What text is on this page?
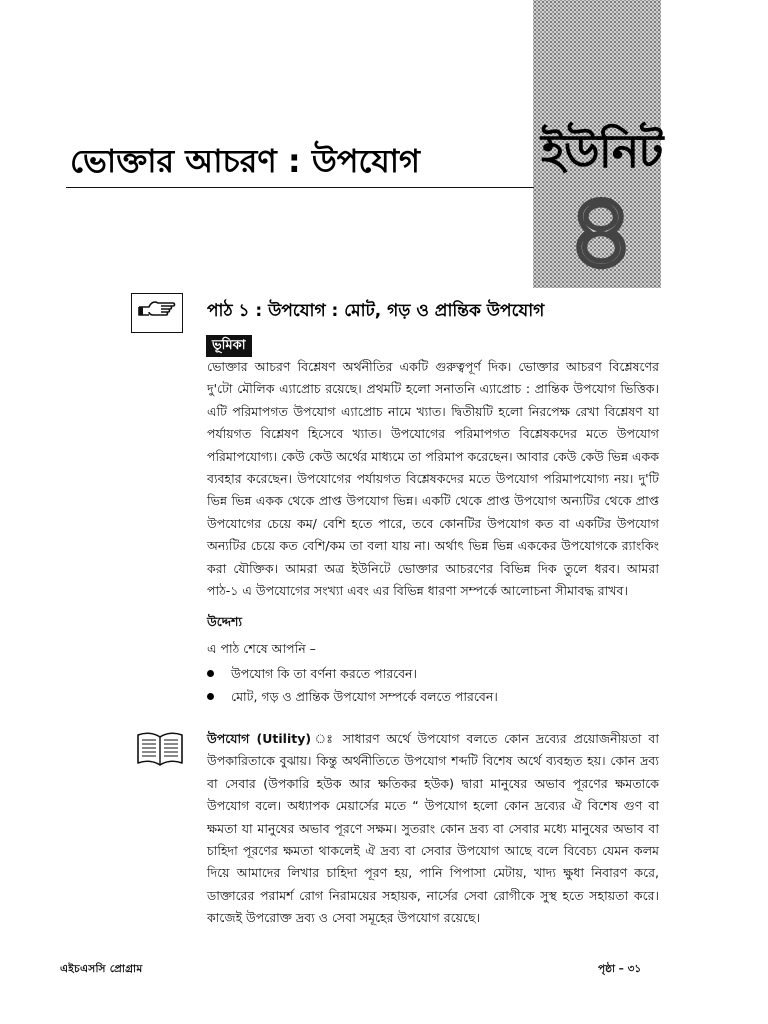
ইউনিট
৪
ভোক্তার আচরণ : উপযোগ
পাঠ ১ : উপযোগ : মোট, গড় ও প্রান্তিক উপযোগ
ভূমিকা

ভোক্তার আচরণ বিশ্লেষণ অর্থনীতির একটি গুরুত্বপূর্ণ দিক। ভোক্তার আচরণ বিশ্লেষণের দু'টো মৌলিক এ্যাপ্রোচ রয়েছে। প্রথমটি হলো সনাতনি এ্যাপ্রোচ : প্রান্তিক উপযোগ ভিত্তিক। এটি পরিমাপগত উপযোগ এ্যাপ্রোচ নামে খ্যাত। দ্বিতীয়টি হলো নিরপেক্ষ রেখা বিশ্লেষণ যা পর্যায়গত বিশ্লেষণ হিসেবে খ্যাত। উপযোগের পরিমাপগত বিশ্লেষকদের মতে উপযোগ পরিমাপযোগ্য। কেউ কেউ অর্থের মাধ্যমে তা পরিমাপ করেছেন। আবার কেউ কেউ ভিন্ন একক ব্যবহার করেছেন। উপযোগের পর্যায়গত বিশ্লেষকদের মতে উপযোগ পরিমাপযোগ্য নয়। দু'টি ভিন্ন ভিন্ন একক থেকে প্রাপ্ত উপযোগ ভিন্ন। একটি থেকে প্রাপ্ত উপযোগ অন্যটির থেকে প্রাপ্ত উপযোগের চেয়ে কম/ বেশি হতে পারে, তবে কোনটির উপযোগ কত বা একটির উপযোগ অন্যটির চেয়ে কত বেশি/কম তা বলা যায় না। অর্থাৎ ভিন্ন ভিন্ন এককের উপযোগকে র‌্যাংকিং করা যৌক্তিক। আমরা অত্র ইউনিটে ভোক্তার আচরণের বিভিন্ন দিক তুলে ধরব। আমরা পাঠ-১ এ উপযোগের সংখ্যা এবং এর বিভিন্ন ধারণা সম্পর্কে আলোচনা সীমাবদ্ধ রাখব।

উদ্দেশ্য
এ পাঠ শেষে আপনি –
উপযোগ কি তা বর্ণনা করতে পারবেন।
মোট, গড় ও প্রান্তিক উপযোগ সম্পর্কে বলতে পারবেন।

উপযোগ (Utility) ঃ সাধারণ অর্থে উপযোগ বলতে কোন দ্রব্যের প্রয়োজনীয়তা বা উপকারিতাকে বুঝায়। কিন্তু অর্থনীতিতে উপযোগ শব্দটি বিশেষ অর্থে ব্যবহৃত হয়। কোন দ্রব্য বা সেবার (উপকারি হউক আর ক্ষতিকর হউক) দ্বারা মানুষের অভাব পূরণের ক্ষমতাকে উপযোগ বলে। অধ্যাপক মেয়ার্সের মতে “ উপযোগ হলো কোন দ্রব্যের ঐ বিশেষ গুণ বা ক্ষমতা যা মানুষের অভাব পূরণে সক্ষম। সুতরাং কোন দ্রব্য বা সেবার মধ্যে মানুষের অভাব বা চাহিদা পূরণের ক্ষমতা থাকলেই ঐ দ্রব্য বা সেবার উপযোগ আছে বলে বিবেচ্য যেমন কলম দিয়ে আমাদের লিখার চাহিদা পূরণ হয়, পানি পিপাসা মেটায়, খাদ্য ক্ষুধা নিবারণ করে, ডাক্তারের পরামর্শ রোগ নিরাময়ের সহায়ক, নার্সের সেবা রোগীকে সুস্থ হতে সহায়তা করে। কাজেই উপরোক্ত দ্রব্য ও সেবা সমূহের উপযোগ রয়েছে।

এইচএসসি প্রোগ্রাম	পৃষ্ঠা – ৩১
